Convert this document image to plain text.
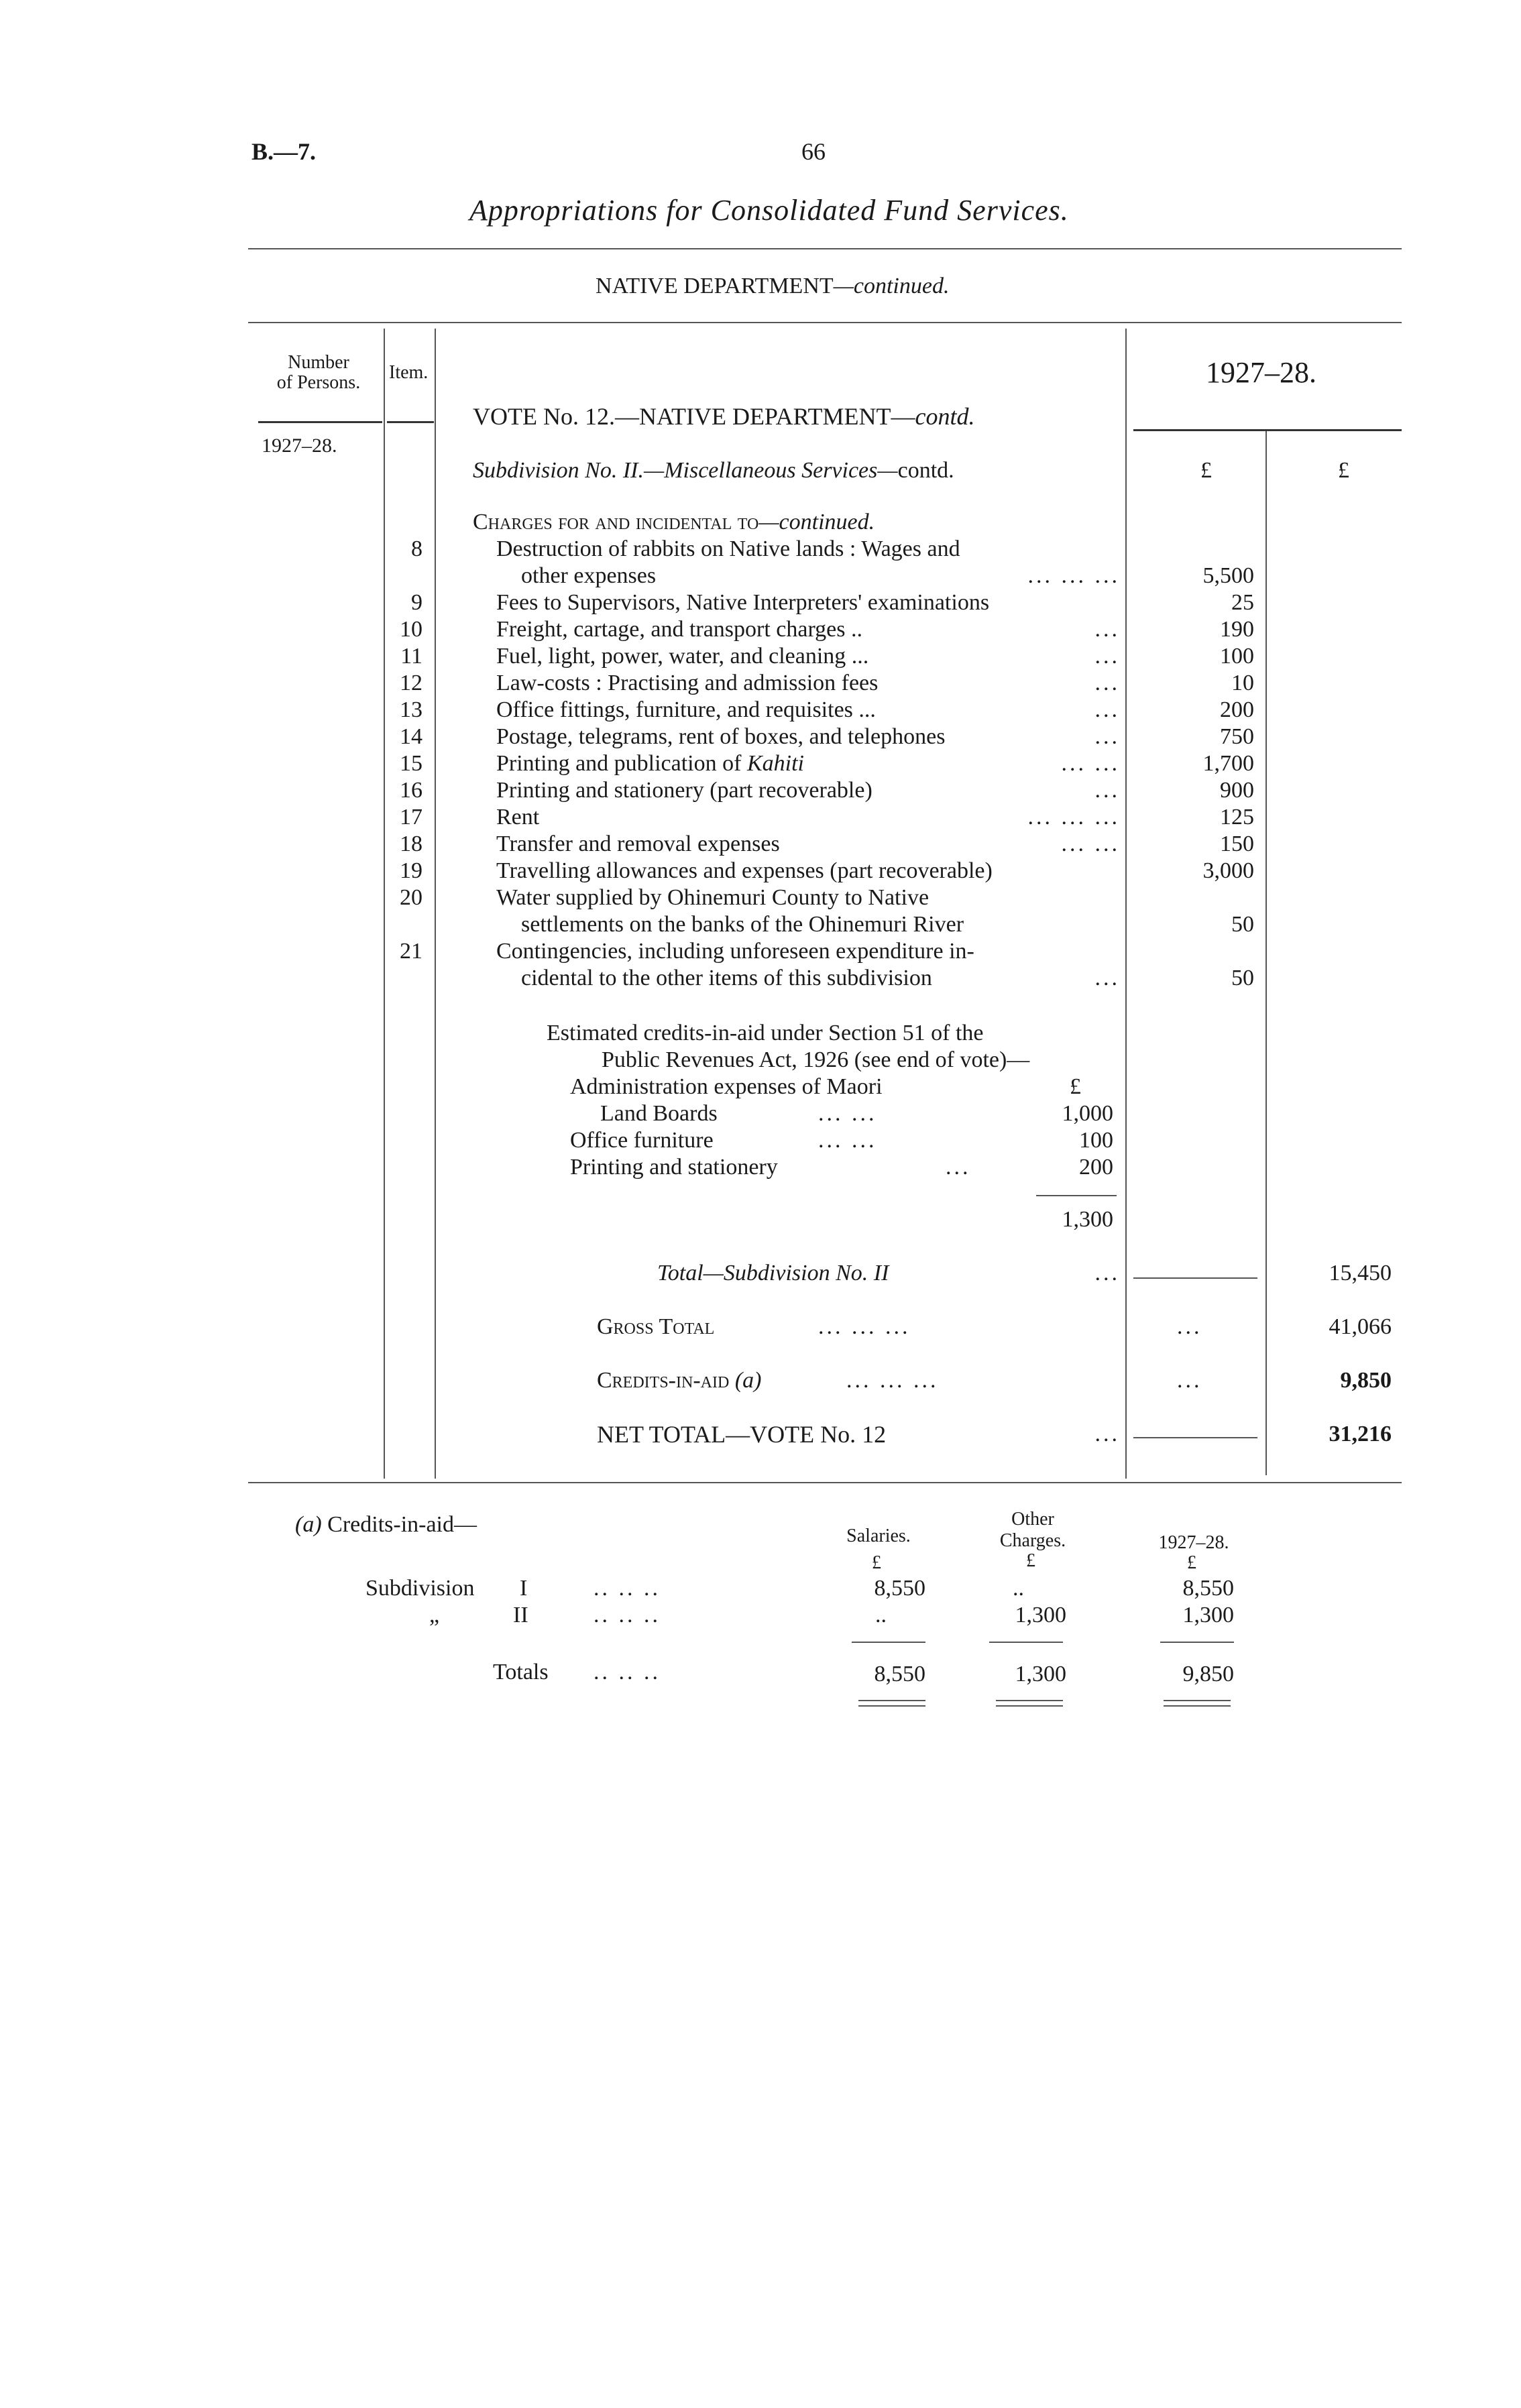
B.—7.	66
Appropriations for Consolidated Fund Services.
NATIVE DEPARTMENT—continued.
Number
of Persons.	Item.
1927–28.
1927–28.
£	£
VOTE No. 12.—NATIVE DEPARTMENT—contd.
Subdivision No. II.—Miscellaneous Services—contd.
Charges for and incidental to—continued.
8	Destruction of rabbits on Native lands : Wages and
other expenses	... ... ...	5,500
9	Fees to Supervisors, Native Interpreters' examinations	25
10	Freight, cartage, and transport charges ..	...	190
11	Fuel, light, power, water, and cleaning ...	...	100
12	Law-costs : Practising and admission fees	...	10
13	Office fittings, furniture, and requisites ...	...	200
14	Postage, telegrams, rent of boxes, and telephones	...	750
15	Printing and publication of Kahiti	... ...	1,700
16	Printing and stationery (part recoverable)	...	900
17	Rent	... ... ...	125
18	Transfer and removal expenses	... ...	150
19	Travelling allowances and expenses (part recoverable)	3,000
20	Water supplied by Ohinemuri County to Native
settlements on the banks of the Ohinemuri River	50
21	Contingencies, including unforeseen expenditure in-
cidental to the other items of this subdivision	...	50
Estimated credits-in-aid under Section 51 of the
Public Revenues Act, 1926 (see end of vote)—
Administration expenses of Maori	£
Land Boards	... ...	1,000
Office furniture	... ...	100
Printing and stationery	...	200
1,300
Total—Subdivision No. II	...	15,450
Gross Total	... ... ...	...	41,066
Credits-in-aid (a)	... ... ...	...	9,850
NET TOTAL—VOTE No. 12	...	31,216
(a) Credits-in-aid—	Salaries.
Other
Charges.	1927–28.
£	£	£
Subdivision I	.. .. ..	8,550	..	8,550
„	II	.. .. ..	..	1,300	1,300
Totals .. .. ..	8,550	1,300	9,850
